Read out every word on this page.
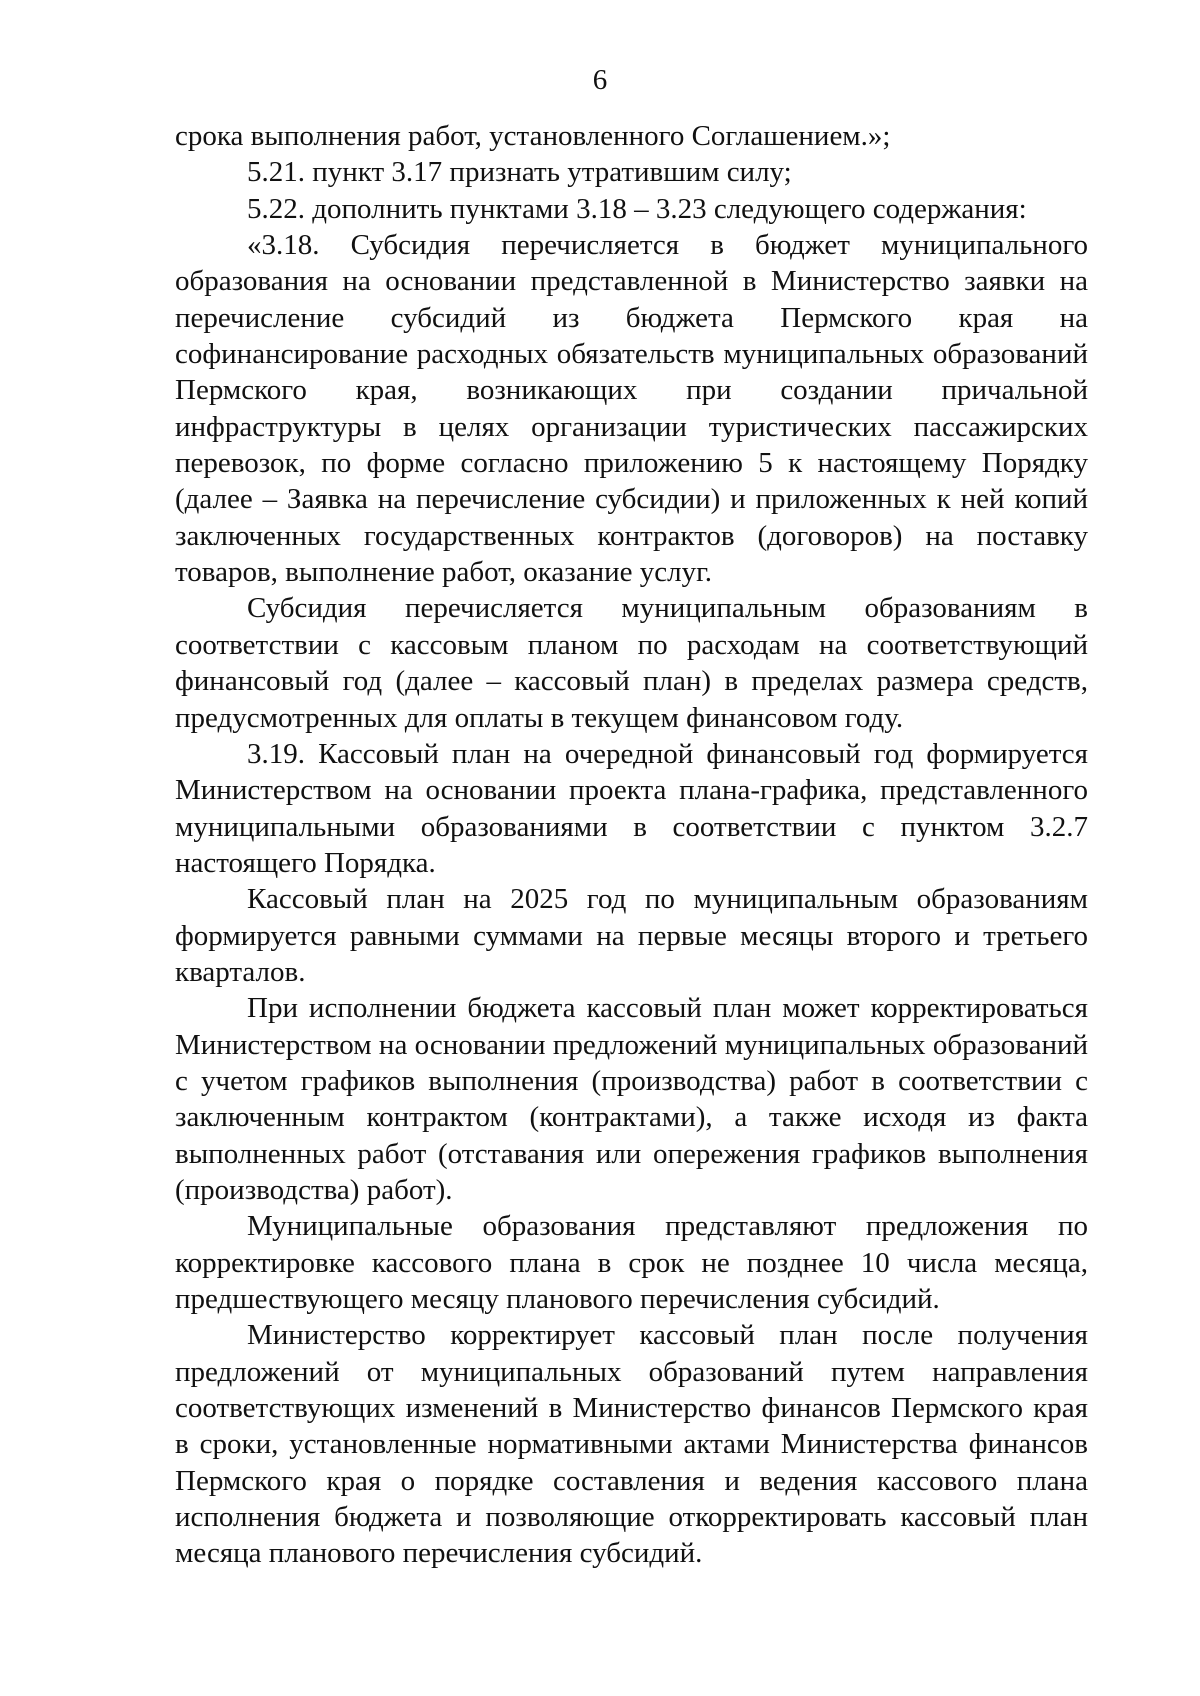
6

срока выполнения работ, установленного Соглашением.»;

5.21. пункт 3.17 признать утратившим силу;

5.22. дополнить пунктами 3.18 – 3.23 следующего содержания:

«3.18. Субсидия перечисляется в бюджет муниципального образования на основании представленной в Министерство заявки на перечисление субсидий из бюджета Пермского края на софинансирование расходных обязательств муниципальных образований Пермского края, возникающих при создании причальной инфраструктуры в целях организации туристических пассажирских перевозок, по форме согласно приложению 5 к настоящему Порядку (далее – Заявка на перечисление субсидии) и приложенных к ней копий заключенных государственных контрактов (договоров) на поставку товаров, выполнение работ, оказание услуг.

Субсидия перечисляется муниципальным образованиям в соответствии с кассовым планом по расходам на соответствующий финансовый год (далее – кассовый план) в пределах размера средств, предусмотренных для оплаты в текущем финансовом году.

3.19. Кассовый план на очередной финансовый год формируется Министерством на основании проекта плана-графика, представленного муниципальными образованиями в соответствии с пунктом 3.2.7 настоящего Порядка.

Кассовый план на 2025 год по муниципальным образованиям формируется равными суммами на первые месяцы второго и третьего кварталов.

При исполнении бюджета кассовый план может корректироваться Министерством на основании предложений муниципальных образований с учетом графиков выполнения (производства) работ в соответствии с заключенным контрактом (контрактами), а также исходя из факта выполненных работ (отставания или опережения графиков выполнения (производства) работ).

Муниципальные образования представляют предложения по корректировке кассового плана в срок не позднее 10 числа месяца, предшествующего месяцу планового перечисления субсидий.

Министерство корректирует кассовый план после получения предложений от муниципальных образований путем направления соответствующих изменений в Министерство финансов Пермского края в сроки, установленные нормативными актами Министерства финансов Пермского края о порядке составления и ведения кассового плана исполнения бюджета и позволяющие откорректировать кассовый план месяца планового перечисления субсидий.
